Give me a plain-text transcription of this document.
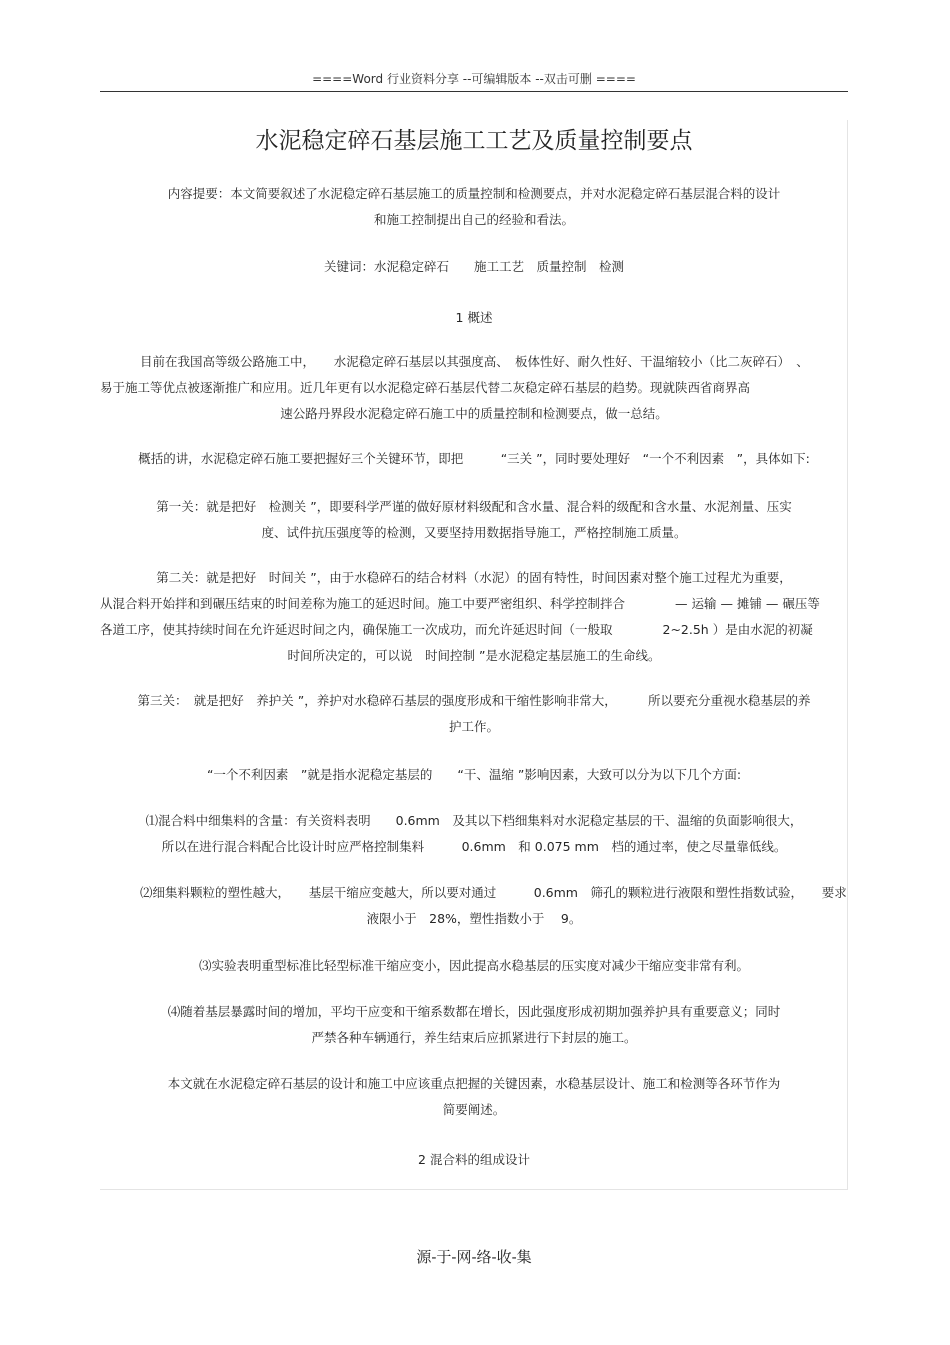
====Word 行业资料分享 --可编辑版本 --双击可删 ====
水泥稳定碎石基层施工工艺及质量控制要点
内容提要：本文简要叙述了水泥稳定碎石基层施工的质量控制和检测要点，并对水泥稳定碎石基层混合料的设计
和施工控制提出自己的经验和看法。
关键词：水泥稳定碎石　　施工工艺　质量控制　检测
1 概述
目前在我国高等级公路施工中，　　水泥稳定碎石基层以其强度高、　板体性好、耐久性好、干温缩较小（比二灰碎石）　、
易于施工等优点被逐渐推广和应用。近几年更有以水泥稳定碎石基层代替二灰稳定碎石基层的趋势。现就陕西省商界高
速公路丹界段水泥稳定碎石施工中的质量控制和检测要点，做一总结。
概括的讲，水泥稳定碎石施工要把握好三个关键环节，即把　　　“三关 ”，同时要处理好　“一个不利因素　”，具体如下:
第一关：就是把好　检测关 ”，即要科学严谨的做好原材料级配和含水量、混合料的级配和含水量、水泥剂量、压实
度、试件抗压强度等的检测，又要坚持用数据指导施工，严格控制施工质量。
第二关：就是把好　时间关 ”，由于水稳碎石的结合材料（水泥）的固有特性，时间因素对整个施工过程尤为重要，
从混合料开始拌和到碾压结束的时间差称为施工的延迟时间。施工中要严密组织、科学控制拌合　　　　— 运输 — 摊铺 — 碾压等
各道工序，使其持续时间在允许延迟时间之内，确保施工一次成功，而允许延迟时间（一般取　　　　2~2.5h ）是由水泥的初凝
时间所决定的，可以说　时间控制 ”是水泥稳定基层施工的生命线。
第三关：　就是把好　养护关 ”，养护对水稳碎石基层的强度形成和干缩性影响非常大，　　　所以要充分重视水稳基层的养
护工作。
“一个不利因素　”就是指水泥稳定基层的　　“干、温缩 ”影响因素，大致可以分为以下几个方面:
⑴混合料中细集料的含量：有关资料表明　　0.6mm　及其以下档细集料对水泥稳定基层的干、温缩的负面影响很大，
所以在进行混合料配合比设计时应严格控制集料　　　0.6mm　和 0.075 mm　档的通过率，使之尽量靠低线。
⑵细集料颗粒的塑性越大，　　基层干缩应变越大，所以要对通过　　　0.6mm　筛孔的颗粒进行液限和塑性指数试验，　　要求
液限小于　28%，塑性指数小于　 9。
⑶实验表明重型标准比轻型标准干缩应变小，因此提高水稳基层的压实度对减少干缩应变非常有利。
⑷随着基层暴露时间的增加，平均干应变和干缩系数都在增长，因此强度形成初期加强养护具有重要意义；同时
严禁各种车辆通行，养生结束后应抓紧进行下封层的施工。
本文就在水泥稳定碎石基层的设计和施工中应该重点把握的关键因素，水稳基层设计、施工和检测等各环节作为
简要阐述。
2 混合料的组成设计
源-于-网-络-收-集
